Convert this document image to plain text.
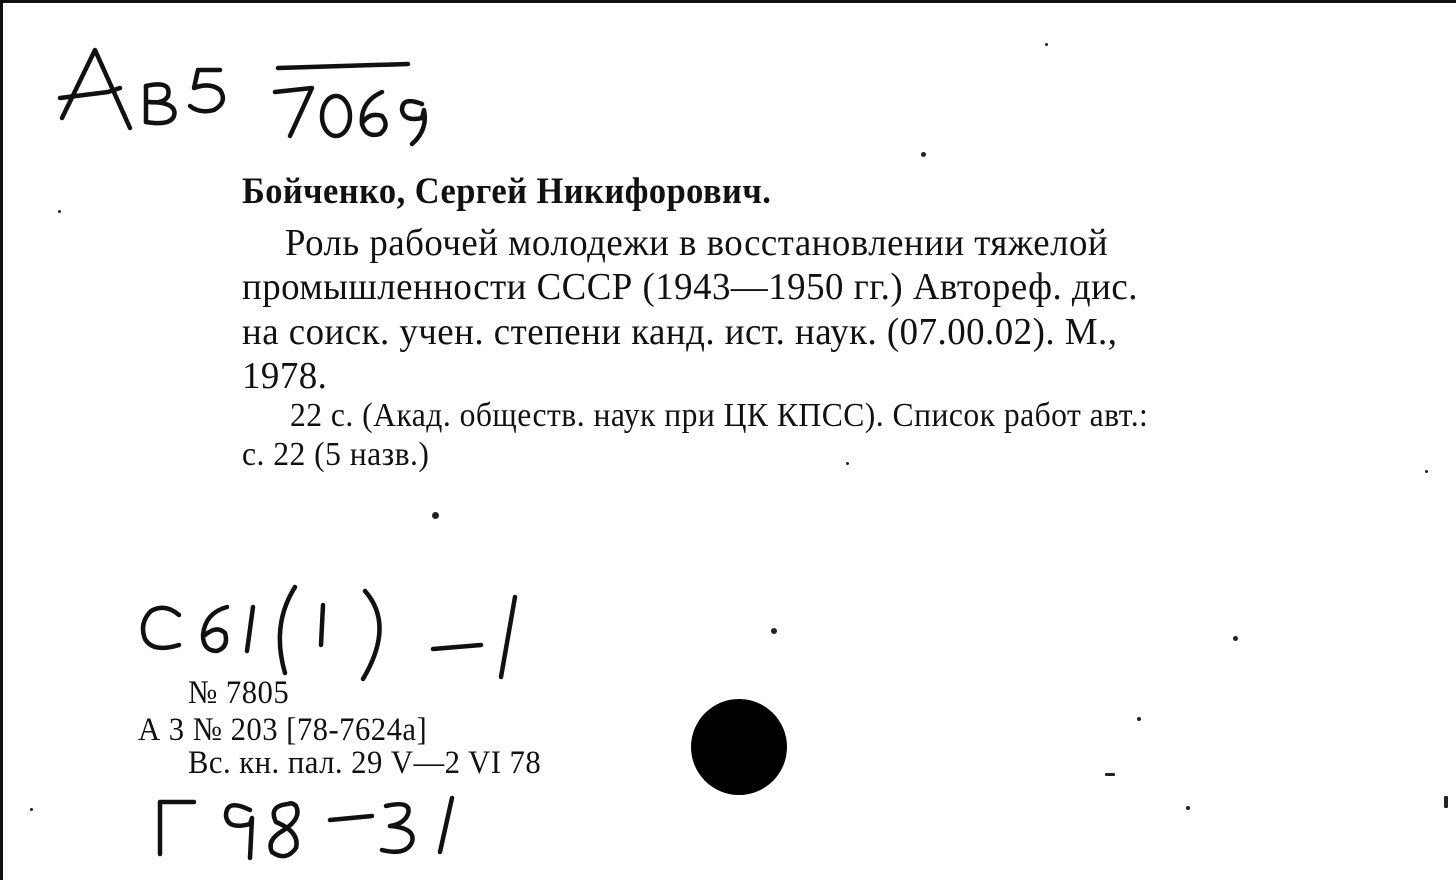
Бойченко, Сергей Никифорович.
Роль рабочей молодежи в восстановлении тяжелой
промышленности СССР (1943—1950 гг.) Автореф. дис.
на соиск. учен. степени канд. ист. наук. (07.00.02). М.,
1978.
22 с. (Акад. обществ. наук при ЦК КПСС). Список работ авт.:
с. 22 (5 назв.)
№ 7805
А 3 № 203 [78-7624а]
Вс. кн. пал. 29 V—2 VI 78
